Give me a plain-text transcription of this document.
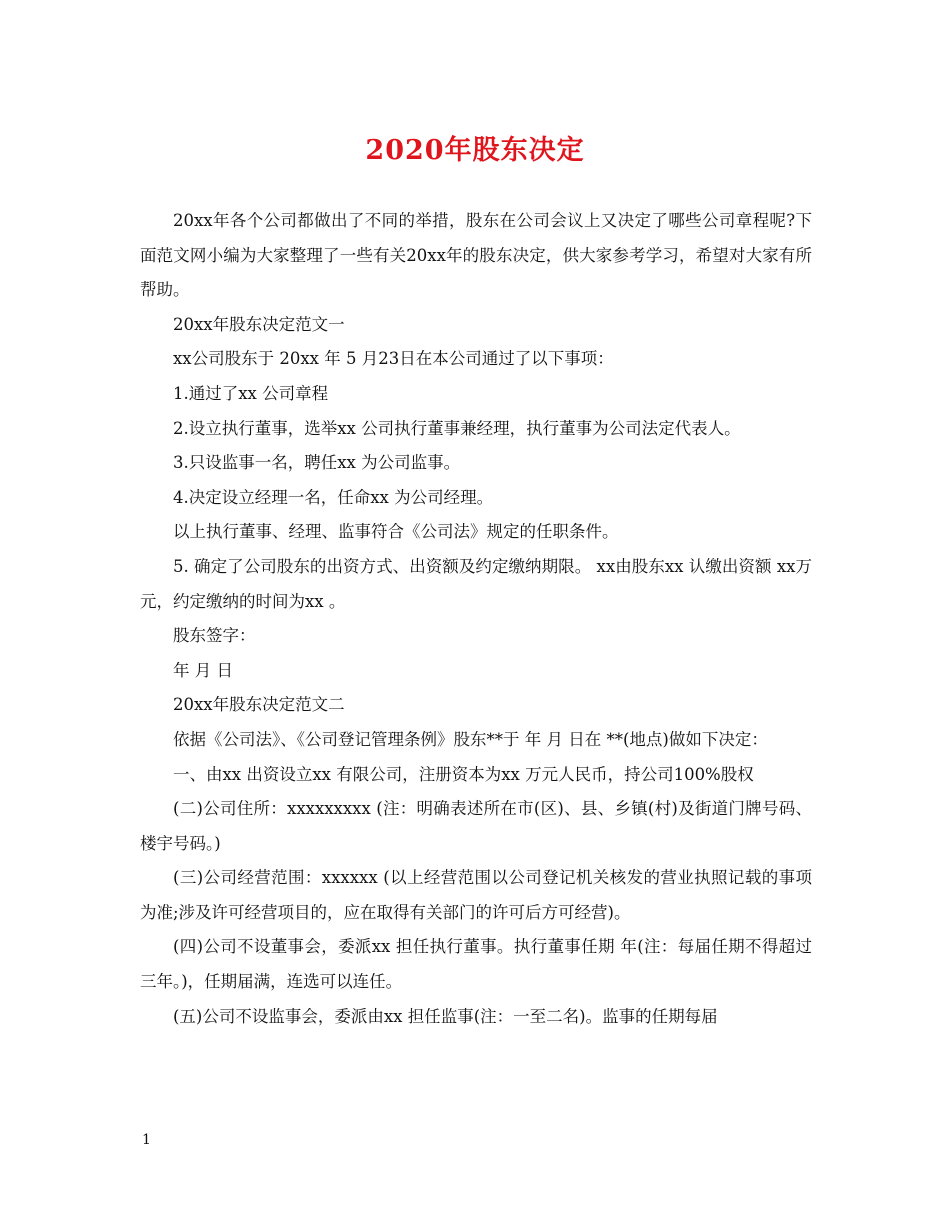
2020年股东决定

20xx年各个公司都做出了不同的举措，股东在公司会议上又决定了哪些公司章程呢?下面范文网小编为大家整理了一些有关20xx年的股东决定，供大家参考学习，希望对大家有所帮助。

20xx年股东决定范文一

xx公司股东于 20xx 年 5 月23日在本公司通过了以下事项：

1.通过了xx 公司章程

2.设立执行董事，选举xx 公司执行董事兼经理，执行董事为公司法定代表人。

3.只设监事一名，聘任xx 为公司监事。

4.决定设立经理一名，任命xx 为公司经理。

以上执行董事、经理、监事符合《公司法》规定的任职条件。

5. 确定了公司股东的出资方式、出资额及约定缴纳期限。 xx由股东xx 认缴出资额 xx万元，约定缴纳的时间为xx 。

股东签字：

年 月 日

20xx年股东决定范文二

依据《公司法》、《公司登记管理条例》股东**于 年 月 日在 **(地点)做如下决定：

一、由xx 出资设立xx 有限公司，注册资本为xx 万元人民币，持公司100%股权

(二)公司住所：xxxxxxxxx (注：明确表述所在市(区)、县、乡镇(村)及街道门牌号码、楼宇号码。)

(三)公司经营范围：xxxxxx (以上经营范围以公司登记机关核发的营业执照记载的事项为准;涉及许可经营项目的，应在取得有关部门的许可后方可经营)。

(四)公司不设董事会，委派xx 担任执行董事。执行董事任期 年(注：每届任期不得超过三年。)，任期届满，连选可以连任。

(五)公司不设监事会，委派由xx 担任监事(注：一至二名)。监事的任期每届

1
